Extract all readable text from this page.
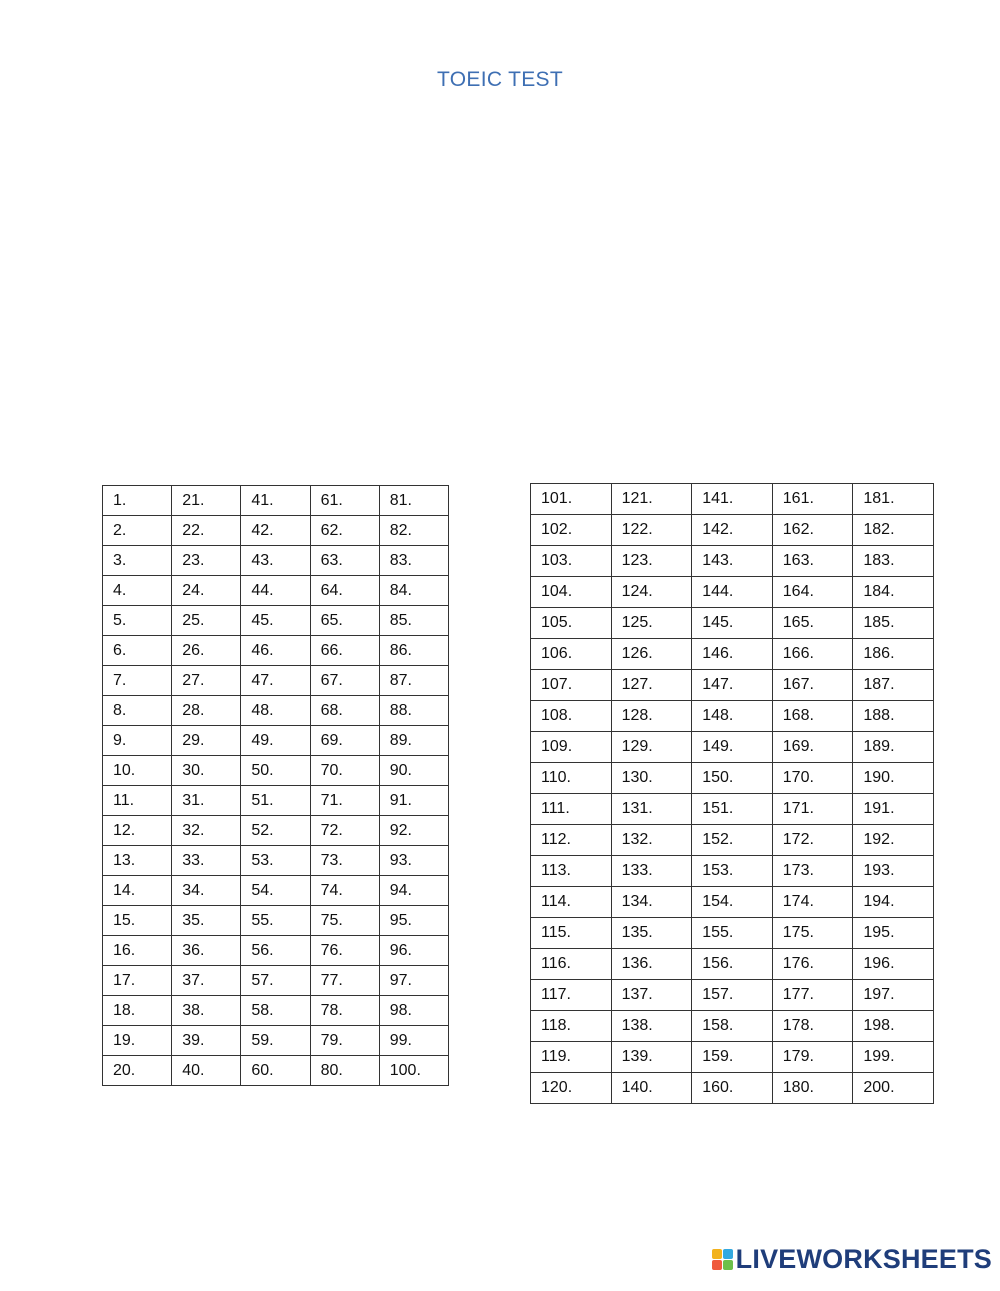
TOEIC TEST
1.	21.	41.	61.	81.
2.	22.	42.	62.	82.
3.	23.	43.	63.	83.
4.	24.	44.	64.	84.
5.	25.	45.	65.	85.
6.	26.	46.	66.	86.
7.	27.	47.	67.	87.
8.	28.	48.	68.	88.
9.	29.	49.	69.	89.
10.	30.	50.	70.	90.
11.	31.	51.	71.	91.
12.	32.	52.	72.	92.
13.	33.	53.	73.	93.
14.	34.	54.	74.	94.
15.	35.	55.	75.	95.
16.	36.	56.	76.	96.
17.	37.	57.	77.	97.
18.	38.	58.	78.	98.
19.	39.	59.	79.	99.
20.	40.	60.	80.	100.
101.	121.	141.	161.	181.
102.	122.	142.	162.	182.
103.	123.	143.	163.	183.
104.	124.	144.	164.	184.
105.	125.	145.	165.	185.
106.	126.	146.	166.	186.
107.	127.	147.	167.	187.
108.	128.	148.	168.	188.
109.	129.	149.	169.	189.
110.	130.	150.	170.	190.
111.	131.	151.	171.	191.
112.	132.	152.	172.	192.
113.	133.	153.	173.	193.
114.	134.	154.	174.	194.
115.	135.	155.	175.	195.
116.	136.	156.	176.	196.
117.	137.	157.	177.	197.
118.	138.	158.	178.	198.
119.	139.	159.	179.	199.
120.	140.	160.	180.	200.
LIVEWORKSHEETS
